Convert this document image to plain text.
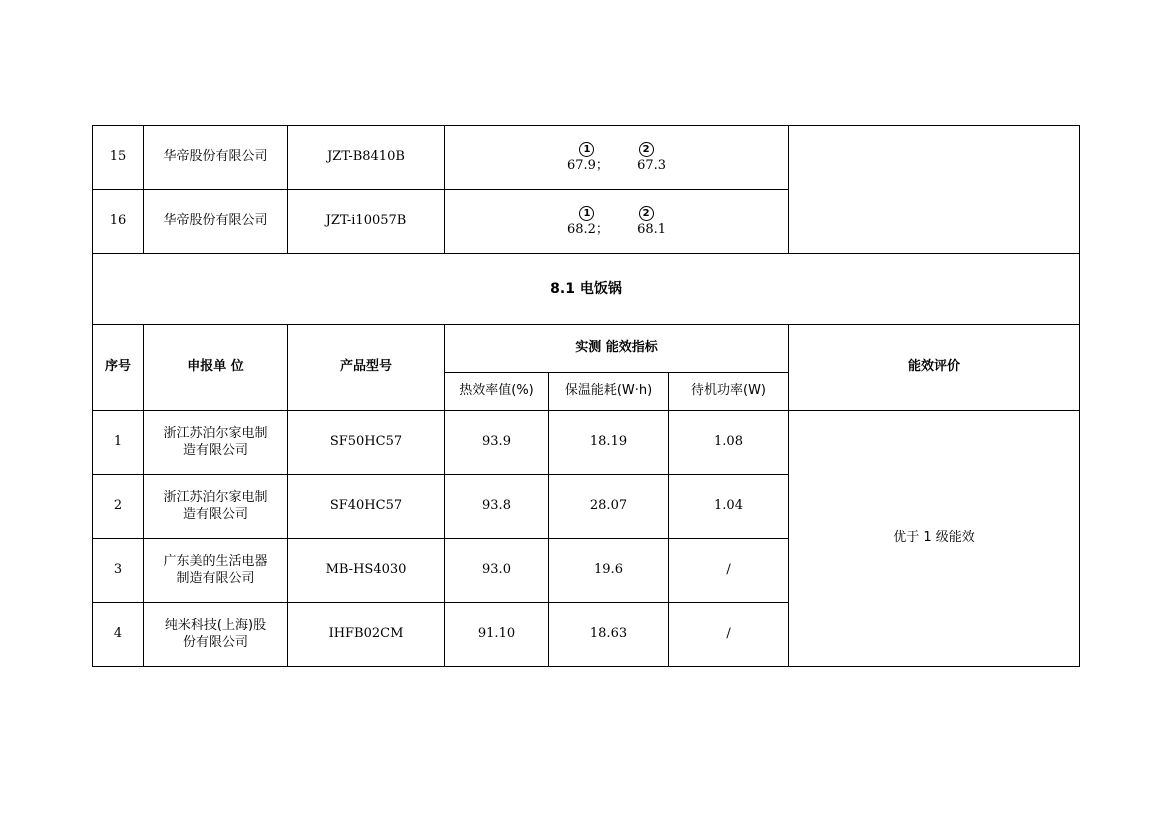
15	华帝股份有限公司	JZT-B8410B	1 2
67.9； 67.3			

16	华帝股份有限公司	JZT-i10057B	1 2
68.2； 68.1			

8.1 电饭锅						
序号	申报单 位	产品型号	实测 能效指标			能效评价
			热效率值(%)	保温能耗(W·h)	待机功率(W)	
1	浙江苏泊尔家电制
造有限公司	SF50HC57	93.9	18.19	1.08	优于 1 级能效
2	浙江苏泊尔家电制
造有限公司	SF40HC57	93.8	28.07	1.04	
3	广东美的生活电器
制造有限公司	MB-HS4030	93.0	19.6	/	
4	纯米科技(上海)股
份有限公司	IHFB02CM	91.10	18.63	/	
